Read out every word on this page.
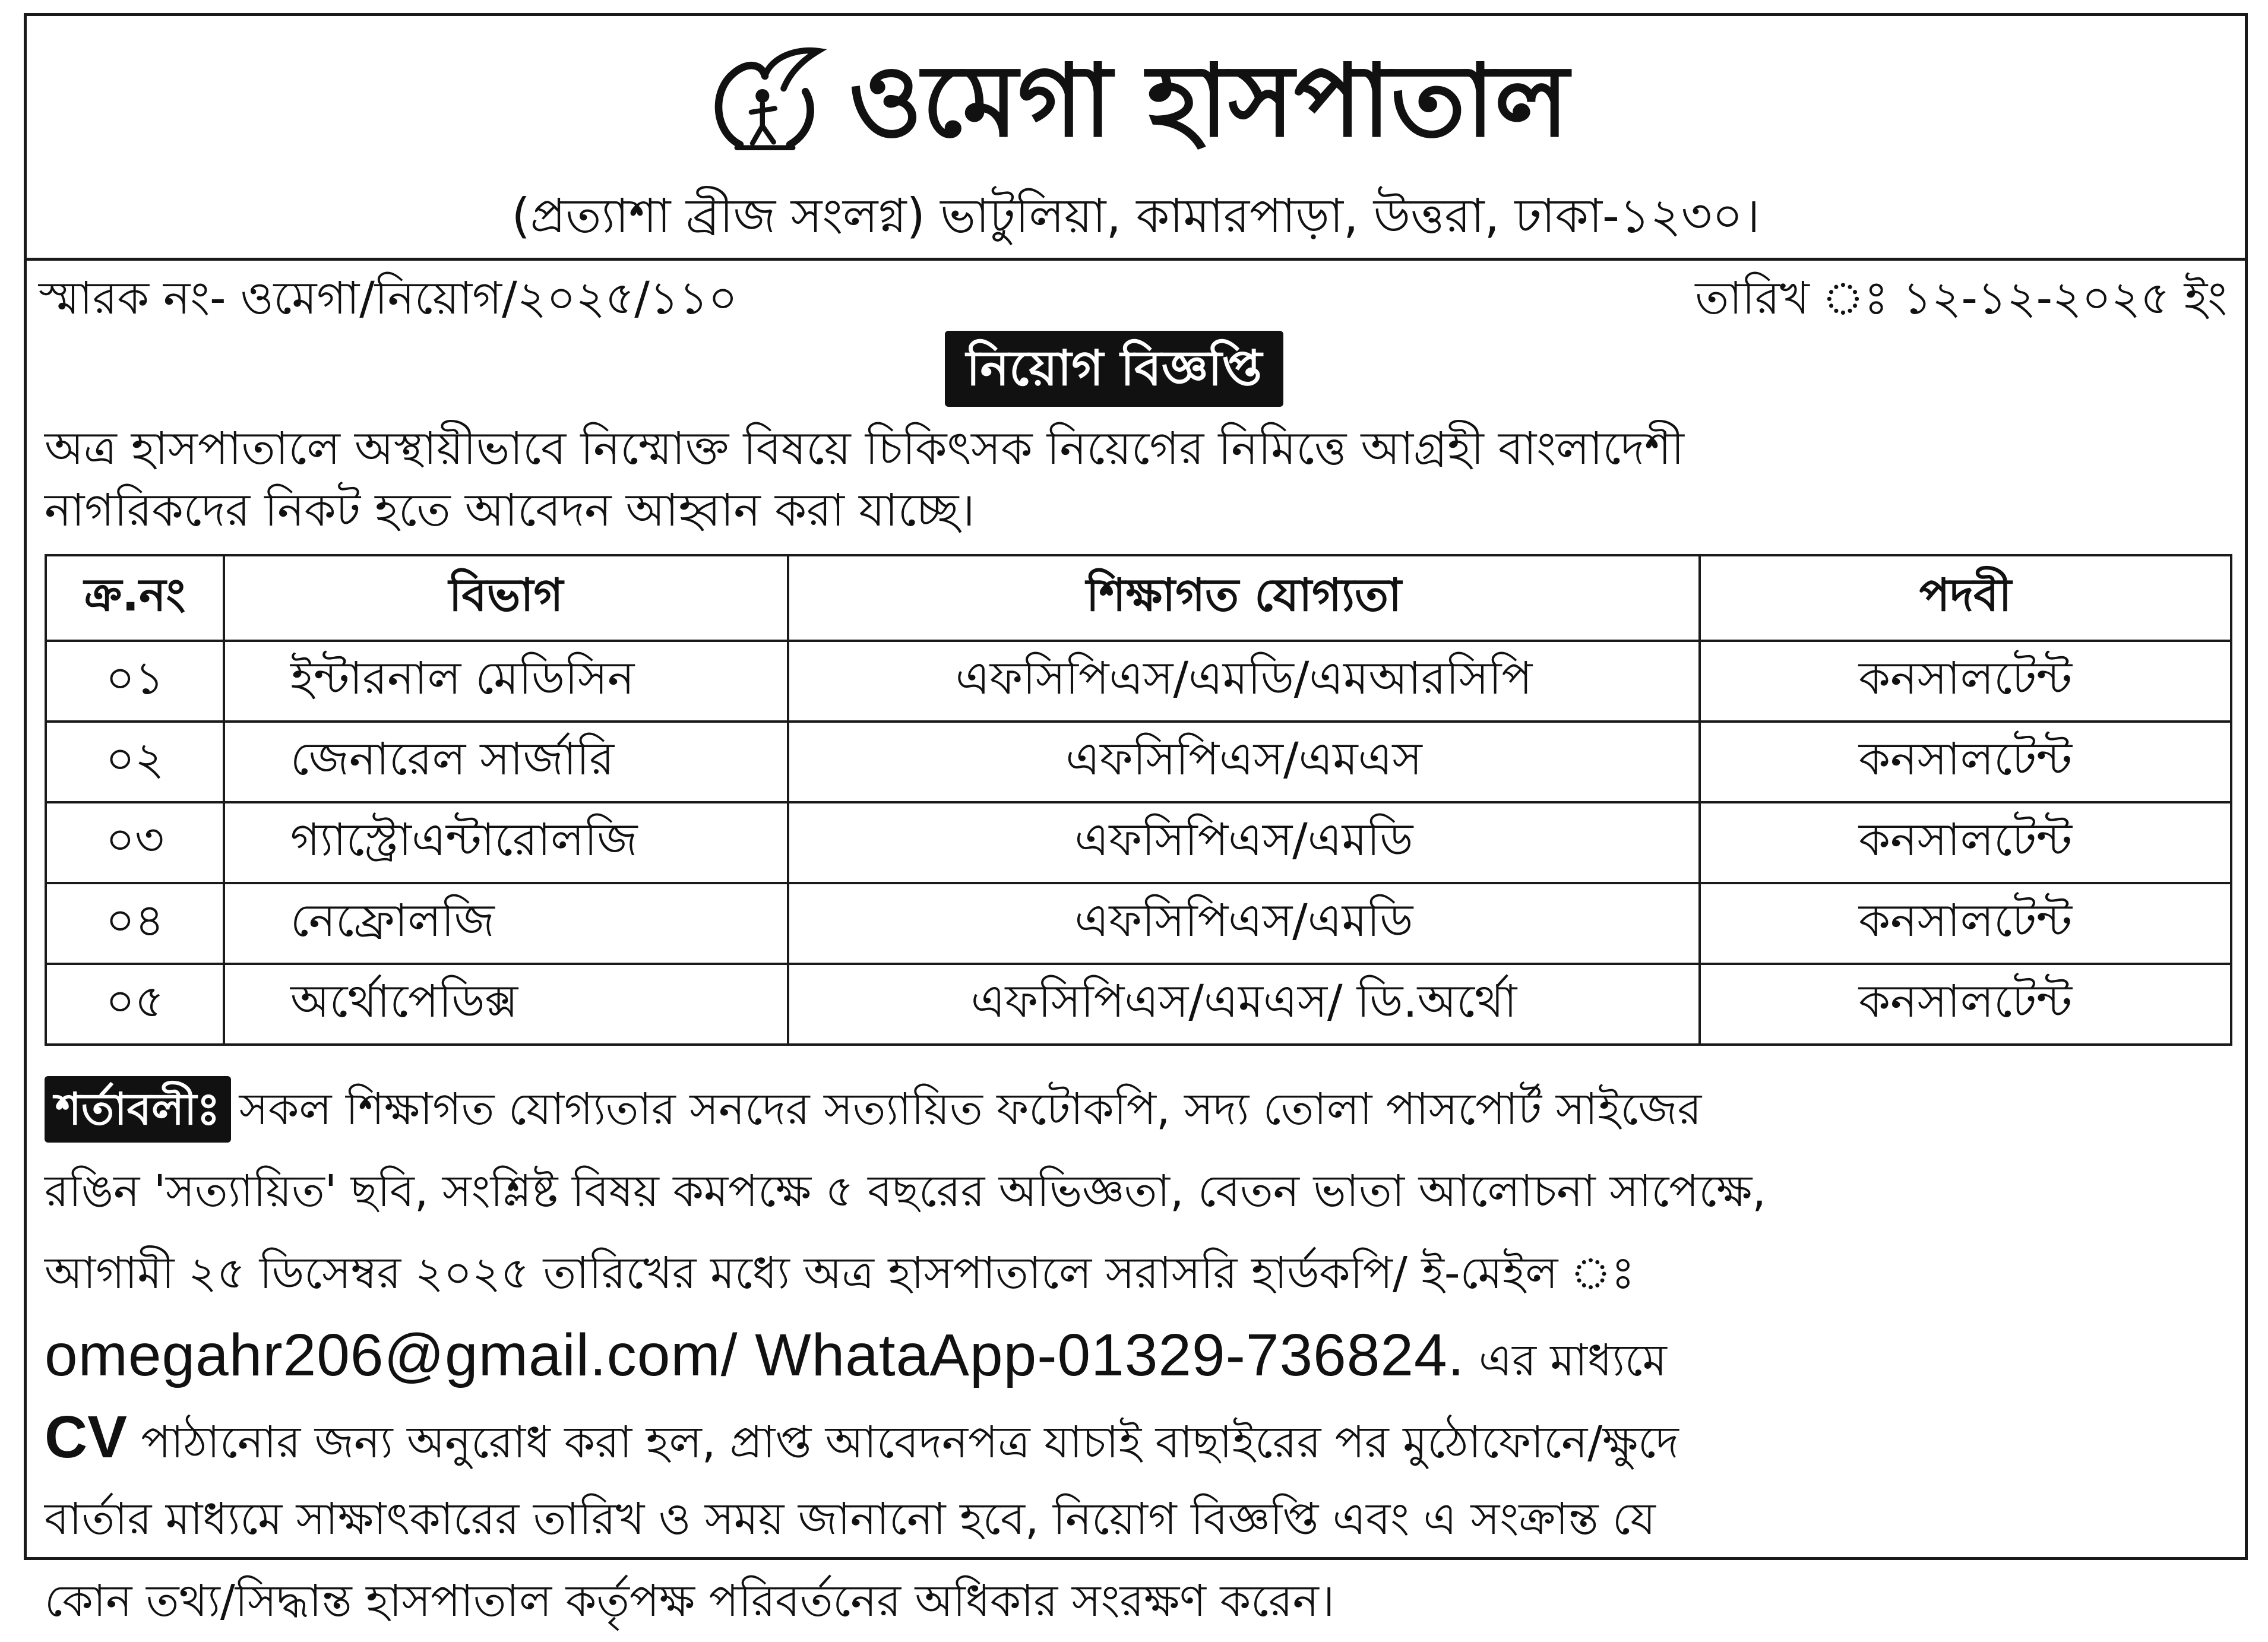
ওমেগা হাসপাতাল
(প্রত্যাশা ব্রীজ সংলগ্ন) ভাটুলিয়া, কামারপাড়া, উত্তরা, ঢাকা-১২৩০।
স্মারক নং- ওমেগা/নিয়োগ/২০২৫/১১০	তারিখ ঃ ১২-১২-২০২৫ ইং
নিয়োগ বিজ্ঞপ্তি
অত্র হাসপাতালে অস্থায়ীভাবে নিম্মোক্ত বিষয়ে চিকিৎসক নিয়েগের নিমিত্তে আগ্রহী বাংলাদেশী
নাগরিকদের নিকট হতে আবেদন আহ্বান করা যাচ্ছে।
ক্র.নং	বিভাগ	শিক্ষাগত যোগ্যতা	পদবী
০১	ইন্টারনাল মেডিসিন	এফসিপিএস/এমডি/এমআরসিপি	কনসালটেন্ট
০২	জেনারেল সার্জারি	এফসিপিএস/এমএস	কনসালটেন্ট
০৩	গ্যাস্ট্রোএন্টারোলজি	এফসিপিএস/এমডি	কনসালটেন্ট
০৪	নেফ্রোলজি	এফসিপিএস/এমডি	কনসালটেন্ট
০৫	অর্থোপেডিক্স	এফসিপিএস/এমএস/ ডি.অর্থো	কনসালটেন্ট
শর্তাবলীঃ সকল শিক্ষাগত যোগ্যতার সনদের সত্যায়িত ফটোকপি, সদ্য তোলা পাসপোর্ট সাইজের
রঙিন 'সত্যায়িত' ছবি, সংশ্লিষ্ট বিষয় কমপক্ষে ৫ বছরের অভিজ্ঞতা, বেতন ভাতা আলোচনা সাপেক্ষে,
আগামী ২৫ ডিসেম্বর ২০২৫ তারিখের মধ্যে অত্র হাসপাতালে সরাসরি হার্ডকপি/ ই-মেইল ঃ
omegahr206@gmail.com/ WhataApp-01329-736824. এর মাধ্যমে
CV পাঠানোর জন্য অনুরোধ করা হল, প্রাপ্ত আবেদনপত্র যাচাই বাছাইরের পর মুঠোফোনে/ক্ষুদে
বার্তার মাধ্যমে সাক্ষাৎকারের তারিখ ও সময় জানানো হবে, নিয়োগ বিজ্ঞপ্তি এবং এ সংক্রান্ত যে
কোন তথ্য/সিদ্ধান্ত হাসপাতাল কর্তৃপক্ষ পরিবর্তনের অধিকার সংরক্ষণ করেন।
